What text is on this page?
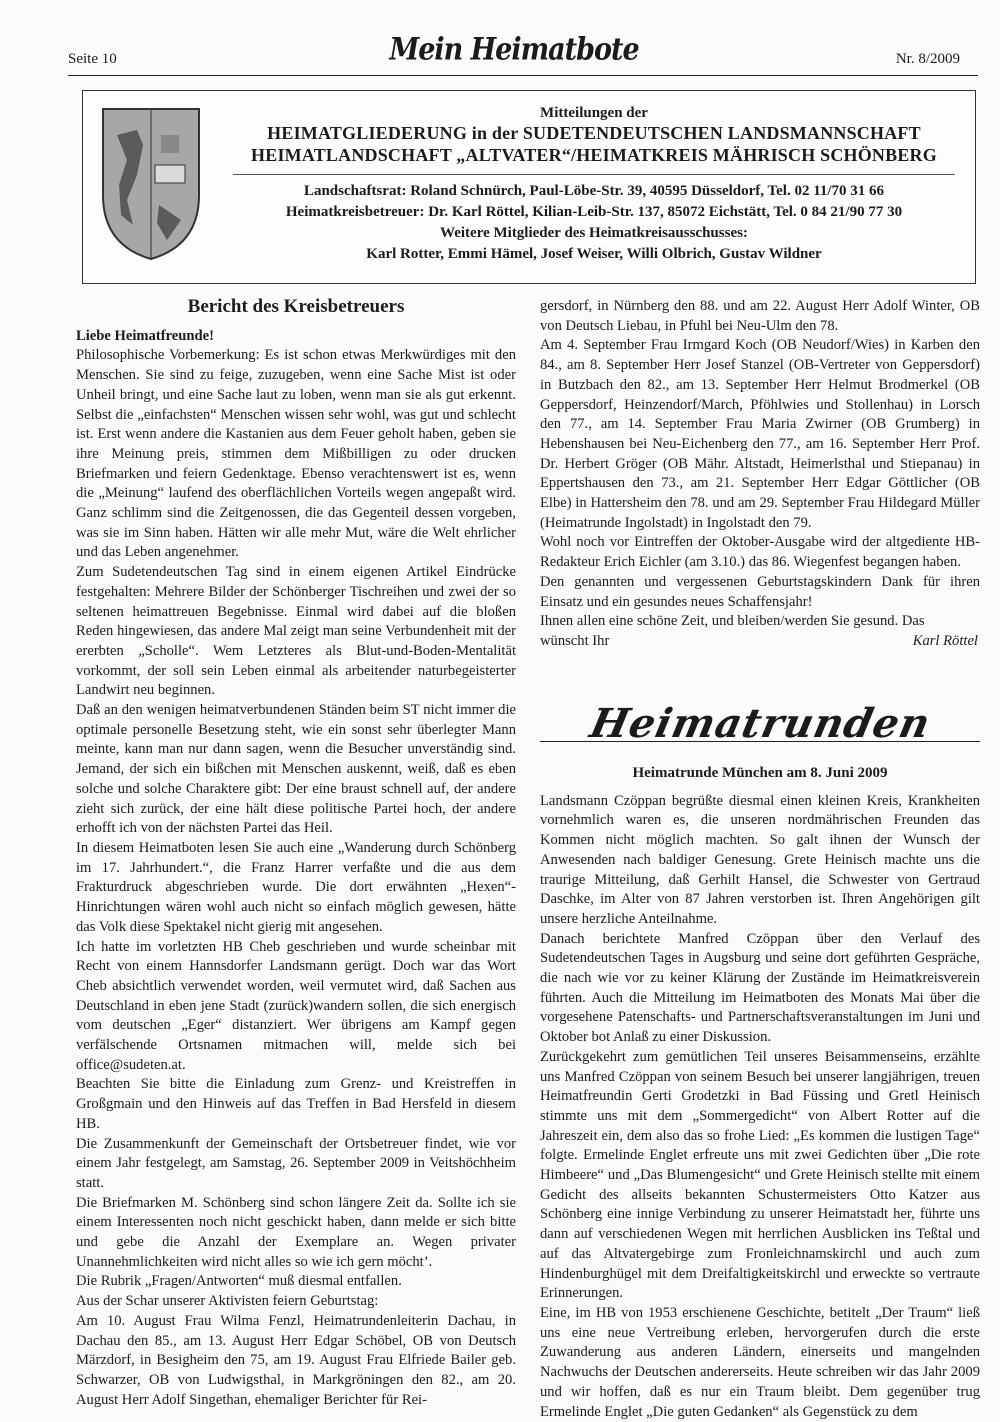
Seite 10	Mein Heimatbote	Nr. 8/2009
Mitteilungen der
HEIMATGLIEDERUNG in der SUDETENDEUTSCHEN LANDSMANNSCHAFT
HEIMATLANDSCHAFT „ALTVATER“/HEIMATKREIS MÄHRISCH SCHÖNBERG
Landschaftsrat: Roland Schnürch, Paul-Löbe-Str. 39, 40595 Düsseldorf, Tel. 02 11/70 31 66
Heimatkreisbetreuer: Dr. Karl Röttel, Kilian-Leib-Str. 137, 85072 Eichstätt, Tel. 0 84 21/90 77 30
Weitere Mitglieder des Heimatkreisausschusses:
Karl Rotter, Emmi Hämel, Josef Weiser, Willi Olbrich, Gustav Wildner
Bericht des Kreisbetreuers

Liebe Heimatfreunde!

Philosophische Vorbemerkung: Es ist schon etwas Merkwürdiges mit den Menschen. Sie sind zu feige, zuzugeben, wenn eine Sache Mist ist oder Unheil bringt, und eine Sache laut zu loben, wenn man sie als gut erkennt. Selbst die „einfachsten“ Menschen wissen sehr wohl, was gut und schlecht ist. Erst wenn andere die Kastanien aus dem Feuer geholt haben, geben sie ihre Meinung preis, stimmen dem Mißbilligen zu oder drucken Briefmarken und feiern Gedenktage. Ebenso verachtenswert ist es, wenn die „Meinung“ laufend des oberflächlichen Vorteils wegen angepaßt wird. Ganz schlimm sind die Zeitgenossen, die das Gegenteil dessen vorgeben, was sie im Sinn haben. Hätten wir alle mehr Mut, wäre die Welt ehrlicher und das Leben angenehmer.

Zum Sudetendeutschen Tag sind in einem eigenen Artikel Eindrücke festgehalten: Mehrere Bilder der Schönberger Tischreihen und zwei der so seltenen heimattreuen Begebnisse. Einmal wird dabei auf die bloßen Reden hingewiesen, das andere Mal zeigt man seine Verbundenheit mit der ererbten „Scholle“. Wem Letzteres als Blut-und-Boden-Mentalität vorkommt, der soll sein Leben einmal als arbeitender naturbegeisterter Landwirt neu beginnen.

Daß an den wenigen heimatverbundenen Ständen beim ST nicht immer die optimale personelle Besetzung steht, wie ein sonst sehr überlegter Mann meinte, kann man nur dann sagen, wenn die Besucher unverständig sind. Jemand, der sich ein bißchen mit Menschen auskennt, weiß, daß es eben solche und solche Charaktere gibt: Der eine braust schnell auf, der andere zieht sich zurück, der eine hält diese politische Partei hoch, der andere erhofft ich von der nächsten Partei das Heil.

In diesem Heimatboten lesen Sie auch eine „Wanderung durch Schönberg im 17. Jahrhundert.“, die Franz Harrer verfaßte und die aus dem Frakturdruck abgeschrieben wurde. Die dort erwähnten „Hexen“-Hinrichtungen wären wohl auch nicht so einfach möglich gewesen, hätte das Volk diese Spektakel nicht gierig mit angesehen.

Ich hatte im vorletzten HB Cheb geschrieben und wurde scheinbar mit Recht von einem Hannsdorfer Landsmann gerügt. Doch war das Wort Cheb absichtlich verwendet worden, weil vermutet wird, daß Sachen aus Deutschland in eben jene Stadt (zurück)wandern sollen, die sich energisch vom deutschen „Eger“ distanziert. Wer übrigens am Kampf gegen verfälschende Ortsnamen mitmachen will, melde sich bei office@sudeten.at.

Beachten Sie bitte die Einladung zum Grenz- und Kreistreffen in Großgmain und den Hinweis auf das Treffen in Bad Hersfeld in diesem HB.

Die Zusammenkunft der Gemeinschaft der Ortsbetreuer findet, wie vor einem Jahr festgelegt, am Samstag, 26. September 2009 in Veitshöchheim statt.

Die Briefmarken M. Schönberg sind schon längere Zeit da. Sollte ich sie einem Interessenten noch nicht geschickt haben, dann melde er sich bitte und gebe die Anzahl der Exemplare an. Wegen privater Unannehmlichkeiten wird nicht alles so wie ich gern möcht’.

Die Rubrik „Fragen/Antworten“ muß diesmal entfallen.

Aus der Schar unserer Aktivisten feiern Geburtstag:

Am 10. August Frau Wilma Fenzl, Heimatrundenleiterin Dachau, in Dachau den 85., am 13. August Herr Edgar Schöbel, OB von Deutsch Märzdorf, in Besigheim den 75, am 19. August Frau Elfriede Bailer geb. Schwarzer, OB von Ludwigsthal, in Markgröningen den 82., am 20. August Herr Adolf Singethan, ehemaliger Berichter für Rei-

gersdorf, in Nürnberg den 88. und am 22. August Herr Adolf Winter, OB von Deutsch Liebau, in Pfuhl bei Neu-Ulm den 78.

Am 4. September Frau Irmgard Koch (OB Neudorf/Wies) in Karben den 84., am 8. September Herr Josef Stanzel (OB-Vertreter von Geppersdorf) in Butzbach den 82., am 13. September Herr Helmut Brodmerkel (OB Geppersdorf, Heinzendorf/March, Pföhlwies und Stollenhau) in Lorsch den 77., am 14. September Frau Maria Zwirner (OB Grumberg) in Hebenshausen bei Neu-Eichenberg den 77., am 16. September Herr Prof. Dr. Herbert Gröger (OB Mähr. Altstadt, Heimerlsthal und Stiepanau) in Eppertshausen den 73., am 21. September Herr Edgar Göttlicher (OB Elbe) in Hattersheim den 78. und am 29. September Frau Hildegard Müller (Heimatrunde Ingolstadt) in Ingolstadt den 79.

Wohl noch vor Eintreffen der Oktober-Ausgabe wird der altgediente HB-Redakteur Erich Eichler (am 3.10.) das 86. Wiegenfest begangen haben.

Den genannten und vergessenen Geburtstagskindern Dank für ihren Einsatz und ein gesundes neues Schaffensjahr!

Ihnen allen eine schöne Zeit, und bleiben/werden Sie gesund. Das

wünscht Ihr	Karl Röttel
Heimatrunden
Heimatrunde München am 8. Juni 2009

Landsmann Czöppan begrüßte diesmal einen kleinen Kreis, Krankheiten vornehmlich waren es, die unseren nordmährischen Freunden das Kommen nicht möglich machten. So galt ihnen der Wunsch der Anwesenden nach baldiger Genesung. Grete Heinisch machte uns die traurige Mitteilung, daß Gerhilt Hansel, die Schwester von Gertraud Daschke, im Alter von 87 Jahren verstorben ist. Ihren Angehörigen gilt unsere herzliche Anteilnahme.

Danach berichtete Manfred Czöppan über den Verlauf des Sudetendeutschen Tages in Augsburg und seine dort geführten Gespräche, die nach wie vor zu keiner Klärung der Zustände im Heimatkreisverein führten. Auch die Mitteilung im Heimatboten des Monats Mai über die vorgesehene Patenschafts- und Partnerschaftsveranstaltungen im Juni und Oktober bot Anlaß zu einer Diskussion.

Zurückgekehrt zum gemütlichen Teil unseres Beisammenseins, erzählte uns Manfred Czöppan von seinem Besuch bei unserer langjährigen, treuen Heimatfreundin Gerti Grodetzki in Bad Füssing und Gretl Heinisch stimmte uns mit dem „Sommergedicht“ von Albert Rotter auf die Jahreszeit ein, dem also das so frohe Lied: „Es kommen die lustigen Tage“ folgte. Ermelinde Englet erfreute uns mit zwei Gedichten über „Die rote Himbeere“ und „Das Blumengesicht“ und Grete Heinisch stellte mit einem Gedicht des allseits bekannten Schustermeisters Otto Katzer aus Schönberg eine innige Verbindung zu unserer Heimatstadt her, führte uns dann auf verschiedenen Wegen mit herrlichen Ausblicken ins Teßtal und auf das Altvatergebirge zum Fronleichnamskirchl und auch zum Hindenburghügel mit dem Dreifaltigkeitskirchl und erweckte so vertraute Erinnerungen.

Eine, im HB von 1953 erschienene Geschichte, betitelt „Der Traum“ ließ uns eine neue Vertreibung erleben, hervorgerufen durch die erste Zuwanderung aus anderen Ländern, einerseits und mangelnden Nachwuchs der Deutschen andererseits. Heute schreiben wir das Jahr 2009 und wir hoffen, daß es nur ein Traum bleibt. Dem gegenüber trug Ermelinde Englet „Die guten Gedanken“ als Gegenstück zu dem
